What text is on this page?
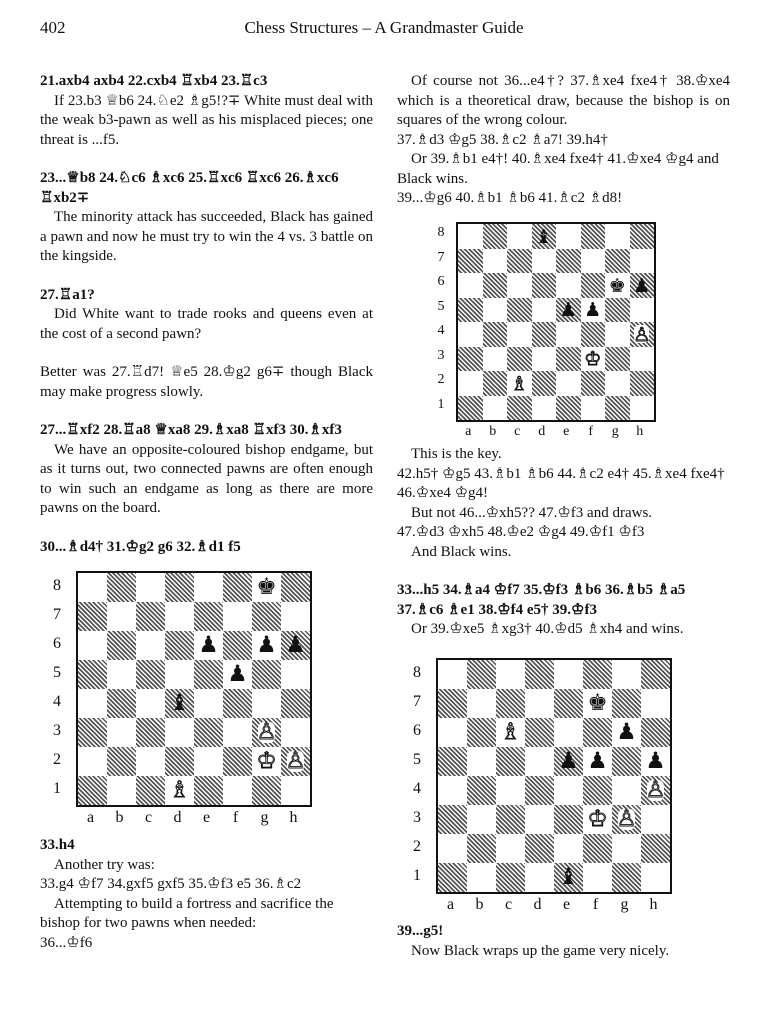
402	Chess Structures – A Grandmaster Guide

21.axb4 axb4 22.cxb4 ♖xb4 23.♖c3

If 23.b3 ♕b6 24.♘e2 ♗g5!?∓ White must deal with the weak b3-pawn as well as his misplaced pieces; one threat is ...f5.

23...♕b8 24.♘c6 ♗xc6 25.♖xc6 ♖xc6 26.♗xc6 ♖xb2∓

The minority attack has succeeded, Black has gained a pawn and now he must try to win the 4 vs. 3 battle on the kingside.

27.♖a1?

Did White want to trade rooks and queens even at the cost of a second pawn?

Better was 27.♖d7! ♕e5 28.♔g2 g6∓ though Black may make progress slowly.

27...♖xf2 28.♖a8 ♕xa8 29.♗xa8 ♖xf3 30.♗xf3

We have an opposite-coloured bishop endgame, but as it turns out, two connected pawns are often enough to win such an endgame as long as there are more pawns on the board.

30...♗d4† 31.♔g2 g6 32.♗d1 f5

8
7
6
5
4
3
2
1
♚
♟ ♟ ♟
♟
♝
♙
♔ ♙
♗
a	b	c	d	e	f	g	h

33.h4

Another try was:

33.g4 ♔f7 34.gxf5 gxf5 35.♔f3 e5 36.♗c2

Attempting to build a fortress and sacrifice the bishop for two pawns when needed:

36...♔f6

Of course not 36...e4†? 37.♗xe4 fxe4† 38.♔xe4 which is a theoretical draw, because the bishop is on squares of the wrong colour.

37.♗d3 ♔g5 38.♗c2 ♗a7! 39.h4†

Or 39.♗b1 e4†! 40.♗xe4 fxe4† 41.♔xe4 ♔g4 and Black wins.

39...♔g6 40.♗b1 ♗b6 41.♗c2 ♗d8!

8
7
6
5
4
3
2
1
♝
♚ ♟
♟ ♟
♙
♔
♗
a	b	c	d	e	f	g	h

This is the key.

42.h5† ♔g5 43.♗b1 ♗b6 44.♗c2 e4† 45.♗xe4 fxe4† 46.♔xe4 ♔g4!

But not 46...♔xh5?? 47.♔f3 and draws.

47.♔d3 ♔xh5 48.♔e2 ♔g4 49.♔f1 ♔f3

And Black wins.

33...h5 34.♗a4 ♔f7 35.♔f3 ♗b6 36.♗b5 ♗a5 37.♗c6 ♗e1 38.♔f4 e5† 39.♔f3

Or 39.♔xe5 ♗xg3† 40.♔d5 ♗xh4 and wins.

8
7
6
5
4
3
2
1
♚
♗	♟
♟ ♟ ♟
♙
♔ ♙
♝
a	b	c	d	e	f	g	h

39...g5!

Now Black wraps up the game very nicely.
